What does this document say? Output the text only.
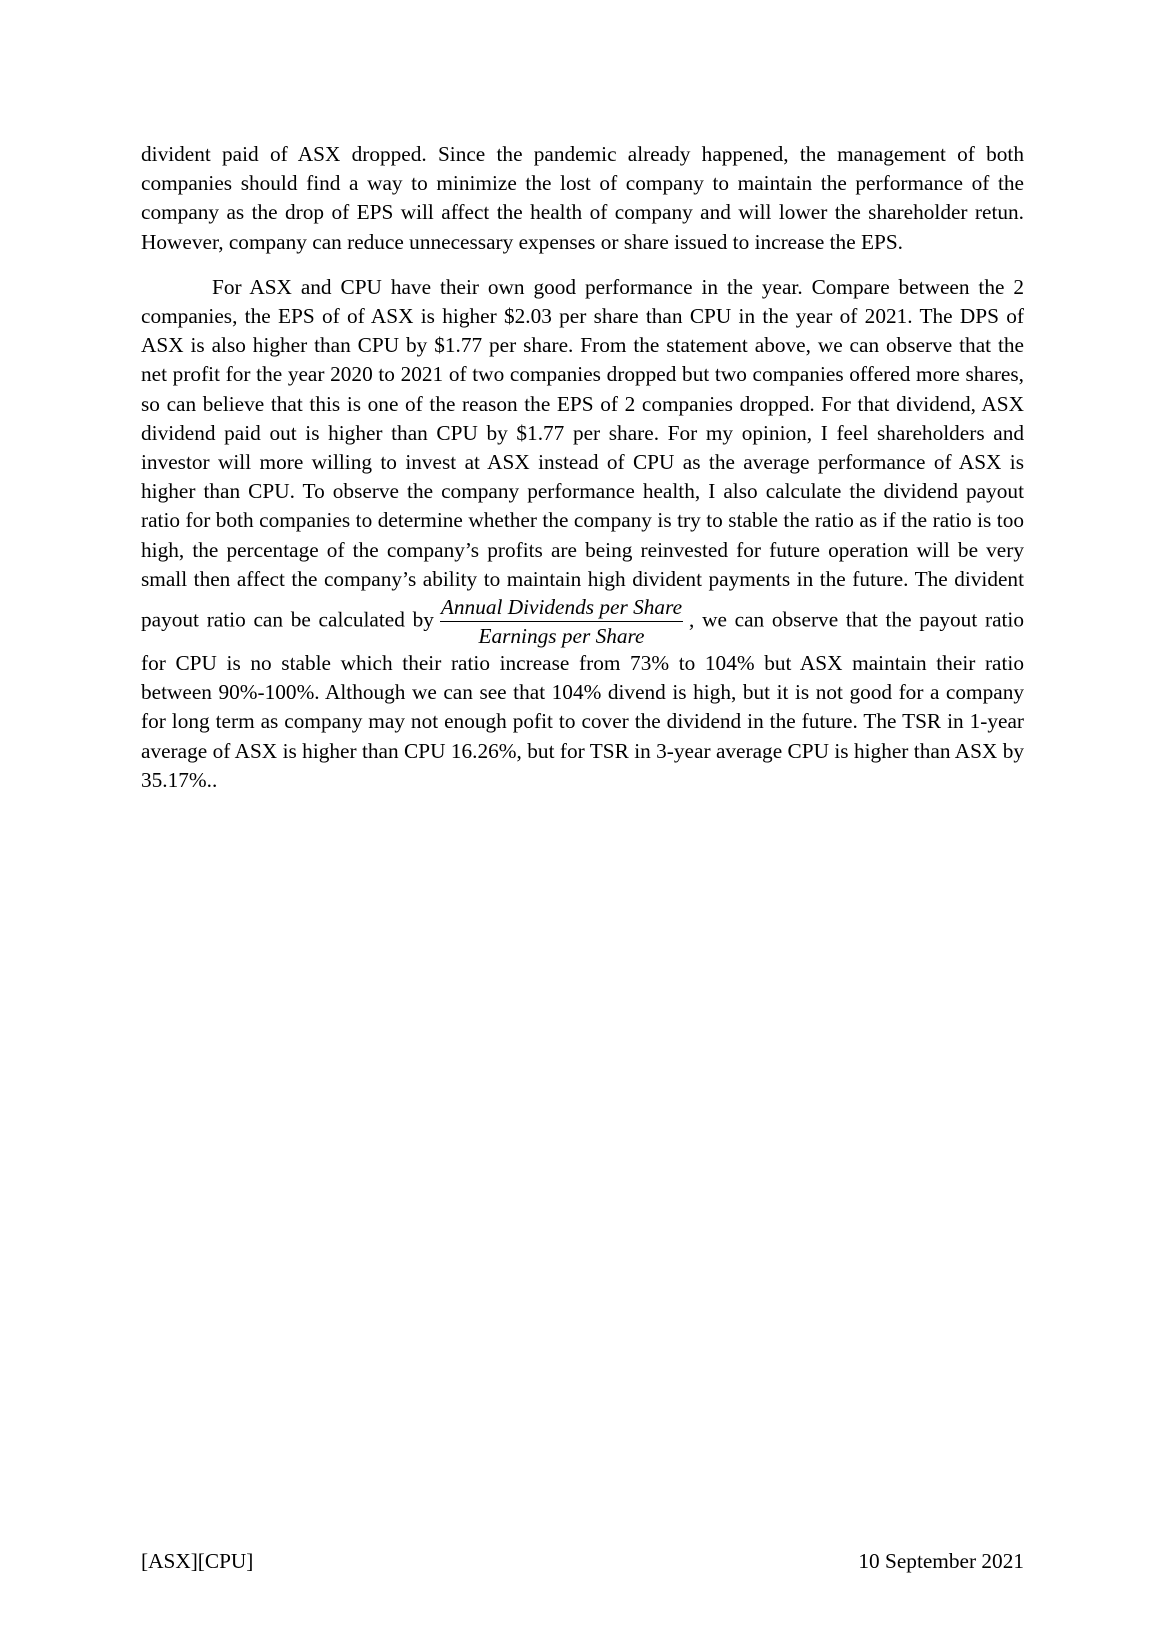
divident paid of ASX dropped. Since the pandemic already happened, the management of both companies should find a way to minimize the lost of company to maintain the performance of the company as the drop of EPS will affect the health of company and will lower the shareholder retun. However, company can reduce unnecessary expenses or share issued to increase the EPS.

For ASX and CPU have their own good performance in the year. Compare between the 2 companies, the EPS of of ASX is higher $2.03 per share than CPU in the year of 2021. The DPS of ASX is also higher than CPU by $1.77 per share. From the statement above, we can observe that the net profit for the year 2020 to 2021 of two companies dropped but two companies offered more shares, so can believe that this is one of the reason the EPS of 2 companies dropped. For that dividend, ASX dividend paid out is higher than CPU by $1.77 per share. For my opinion, I feel shareholders and investor will more willing to invest at ASX instead of CPU as the average performance of ASX is higher than CPU. To observe the company performance health, I also calculate the dividend payout ratio for both companies to determine whether the company is try to stable the ratio as if the ratio is too high, the percentage of the company’s profits are being reinvested for future operation will be very small then affect the company’s ability to maintain high divident payments in the future. The divident payout ratio can be calculated by $\frac{\text{Annual Dividends per Share}}{\text{Earnings per Share}}$ , we can observe that the payout ratio for CPU is no stable which their ratio increase from 73% to 104% but ASX maintain their ratio between 90%-100%. Although we can see that 104% divend is high, but it is not good for a company for long term as company may not enough pofit to cover the dividend in the future. The TSR in 1-year average of ASX is higher than CPU 16.26%, but for TSR in 3-year average CPU is higher than ASX by 35.17%..

[ASX][CPU]	10 September 2021
